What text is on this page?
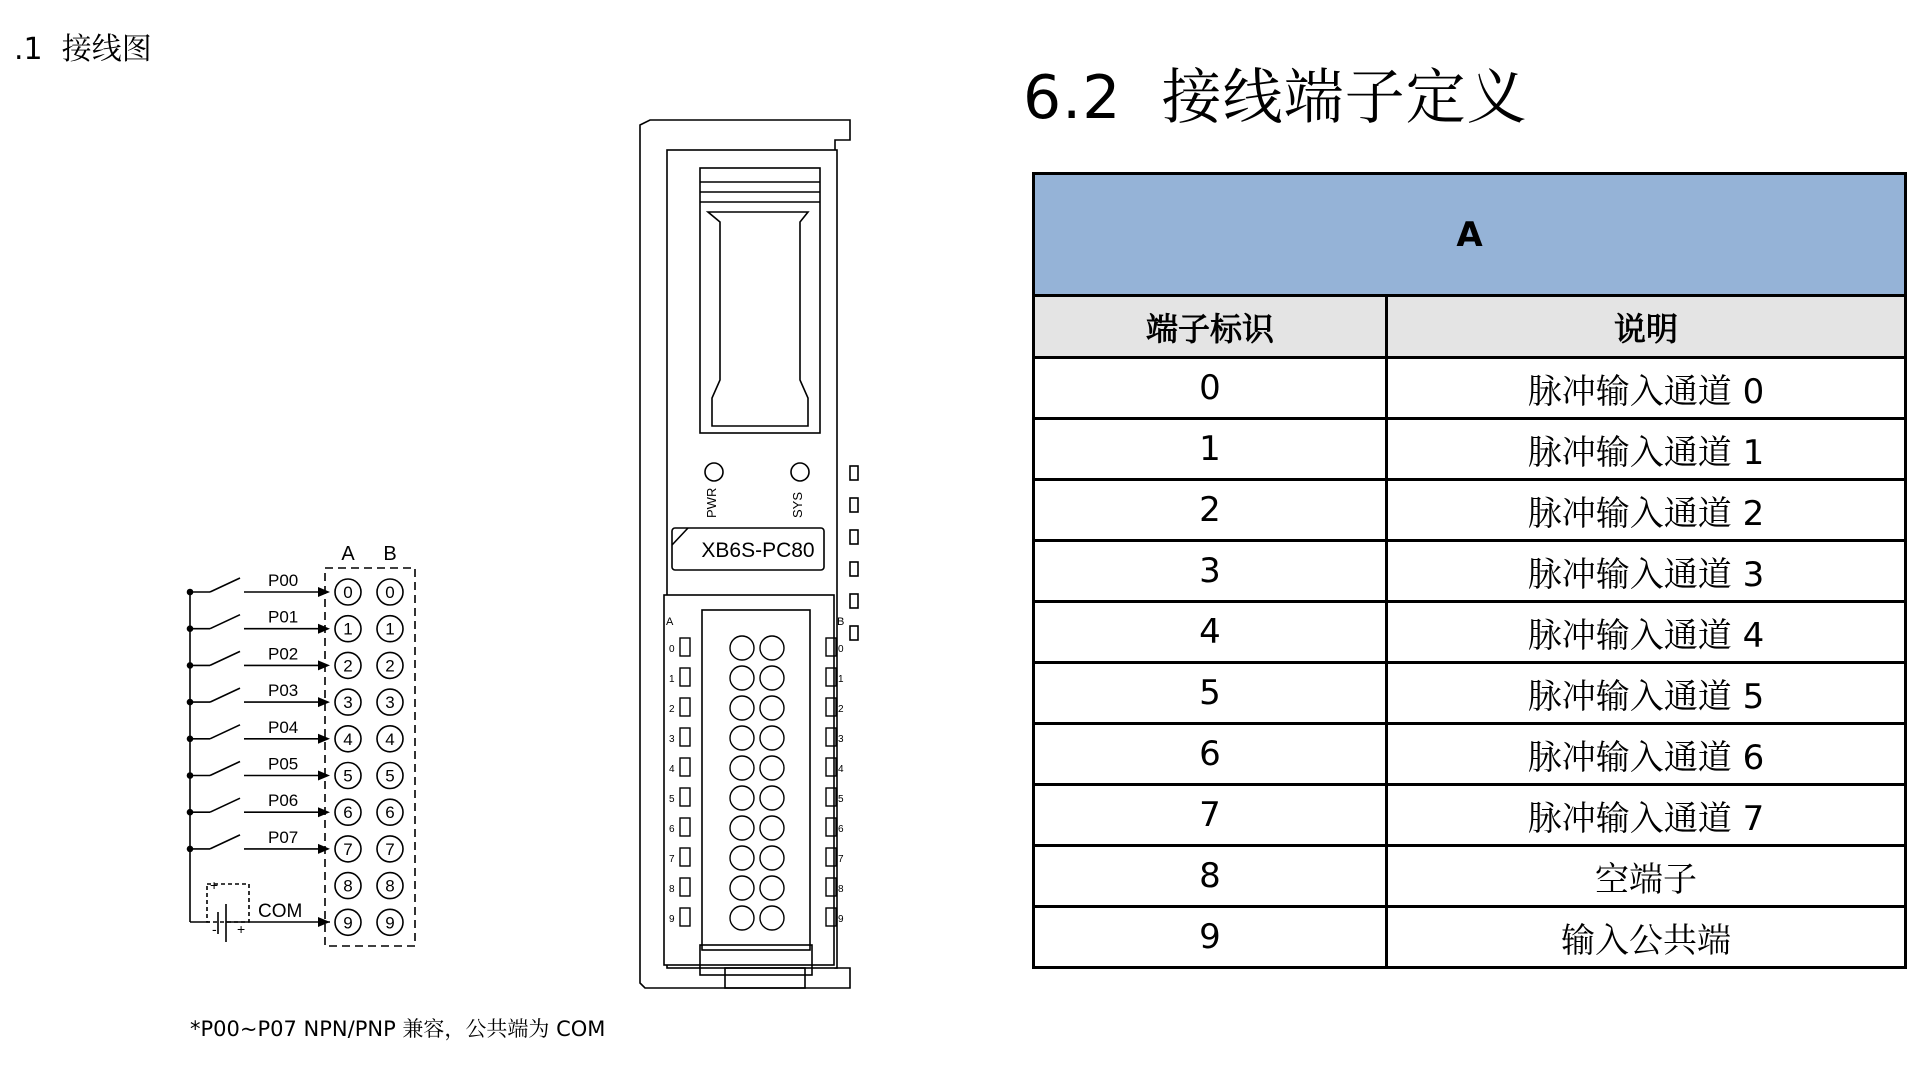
.1  接线图
6.2  接线端子定义
A B
0 0
1 1
2 2
3 3
4 4
5 5
6 6
7 7
8 8
9 9
P00
P01
P02
P03
P04
P05
P06
P07
+
- +
COM
0	0
1	1
2	2
3	3
4	4
5	5
6	6
7	7
8	8
9	9
PWR	SYS
XB6S-PC80
A	B
A	
端子标识	说明
0	脉冲输入通道 0
1	脉冲输入通道 1
2	脉冲输入通道 2
3	脉冲输入通道 3
4	脉冲输入通道 4
5	脉冲输入通道 5
6	脉冲输入通道 6
7	脉冲输入通道 7
8	空端子
9	输入公共端
*P00~P07 NPN/PNP 兼容，公共端为 COM
